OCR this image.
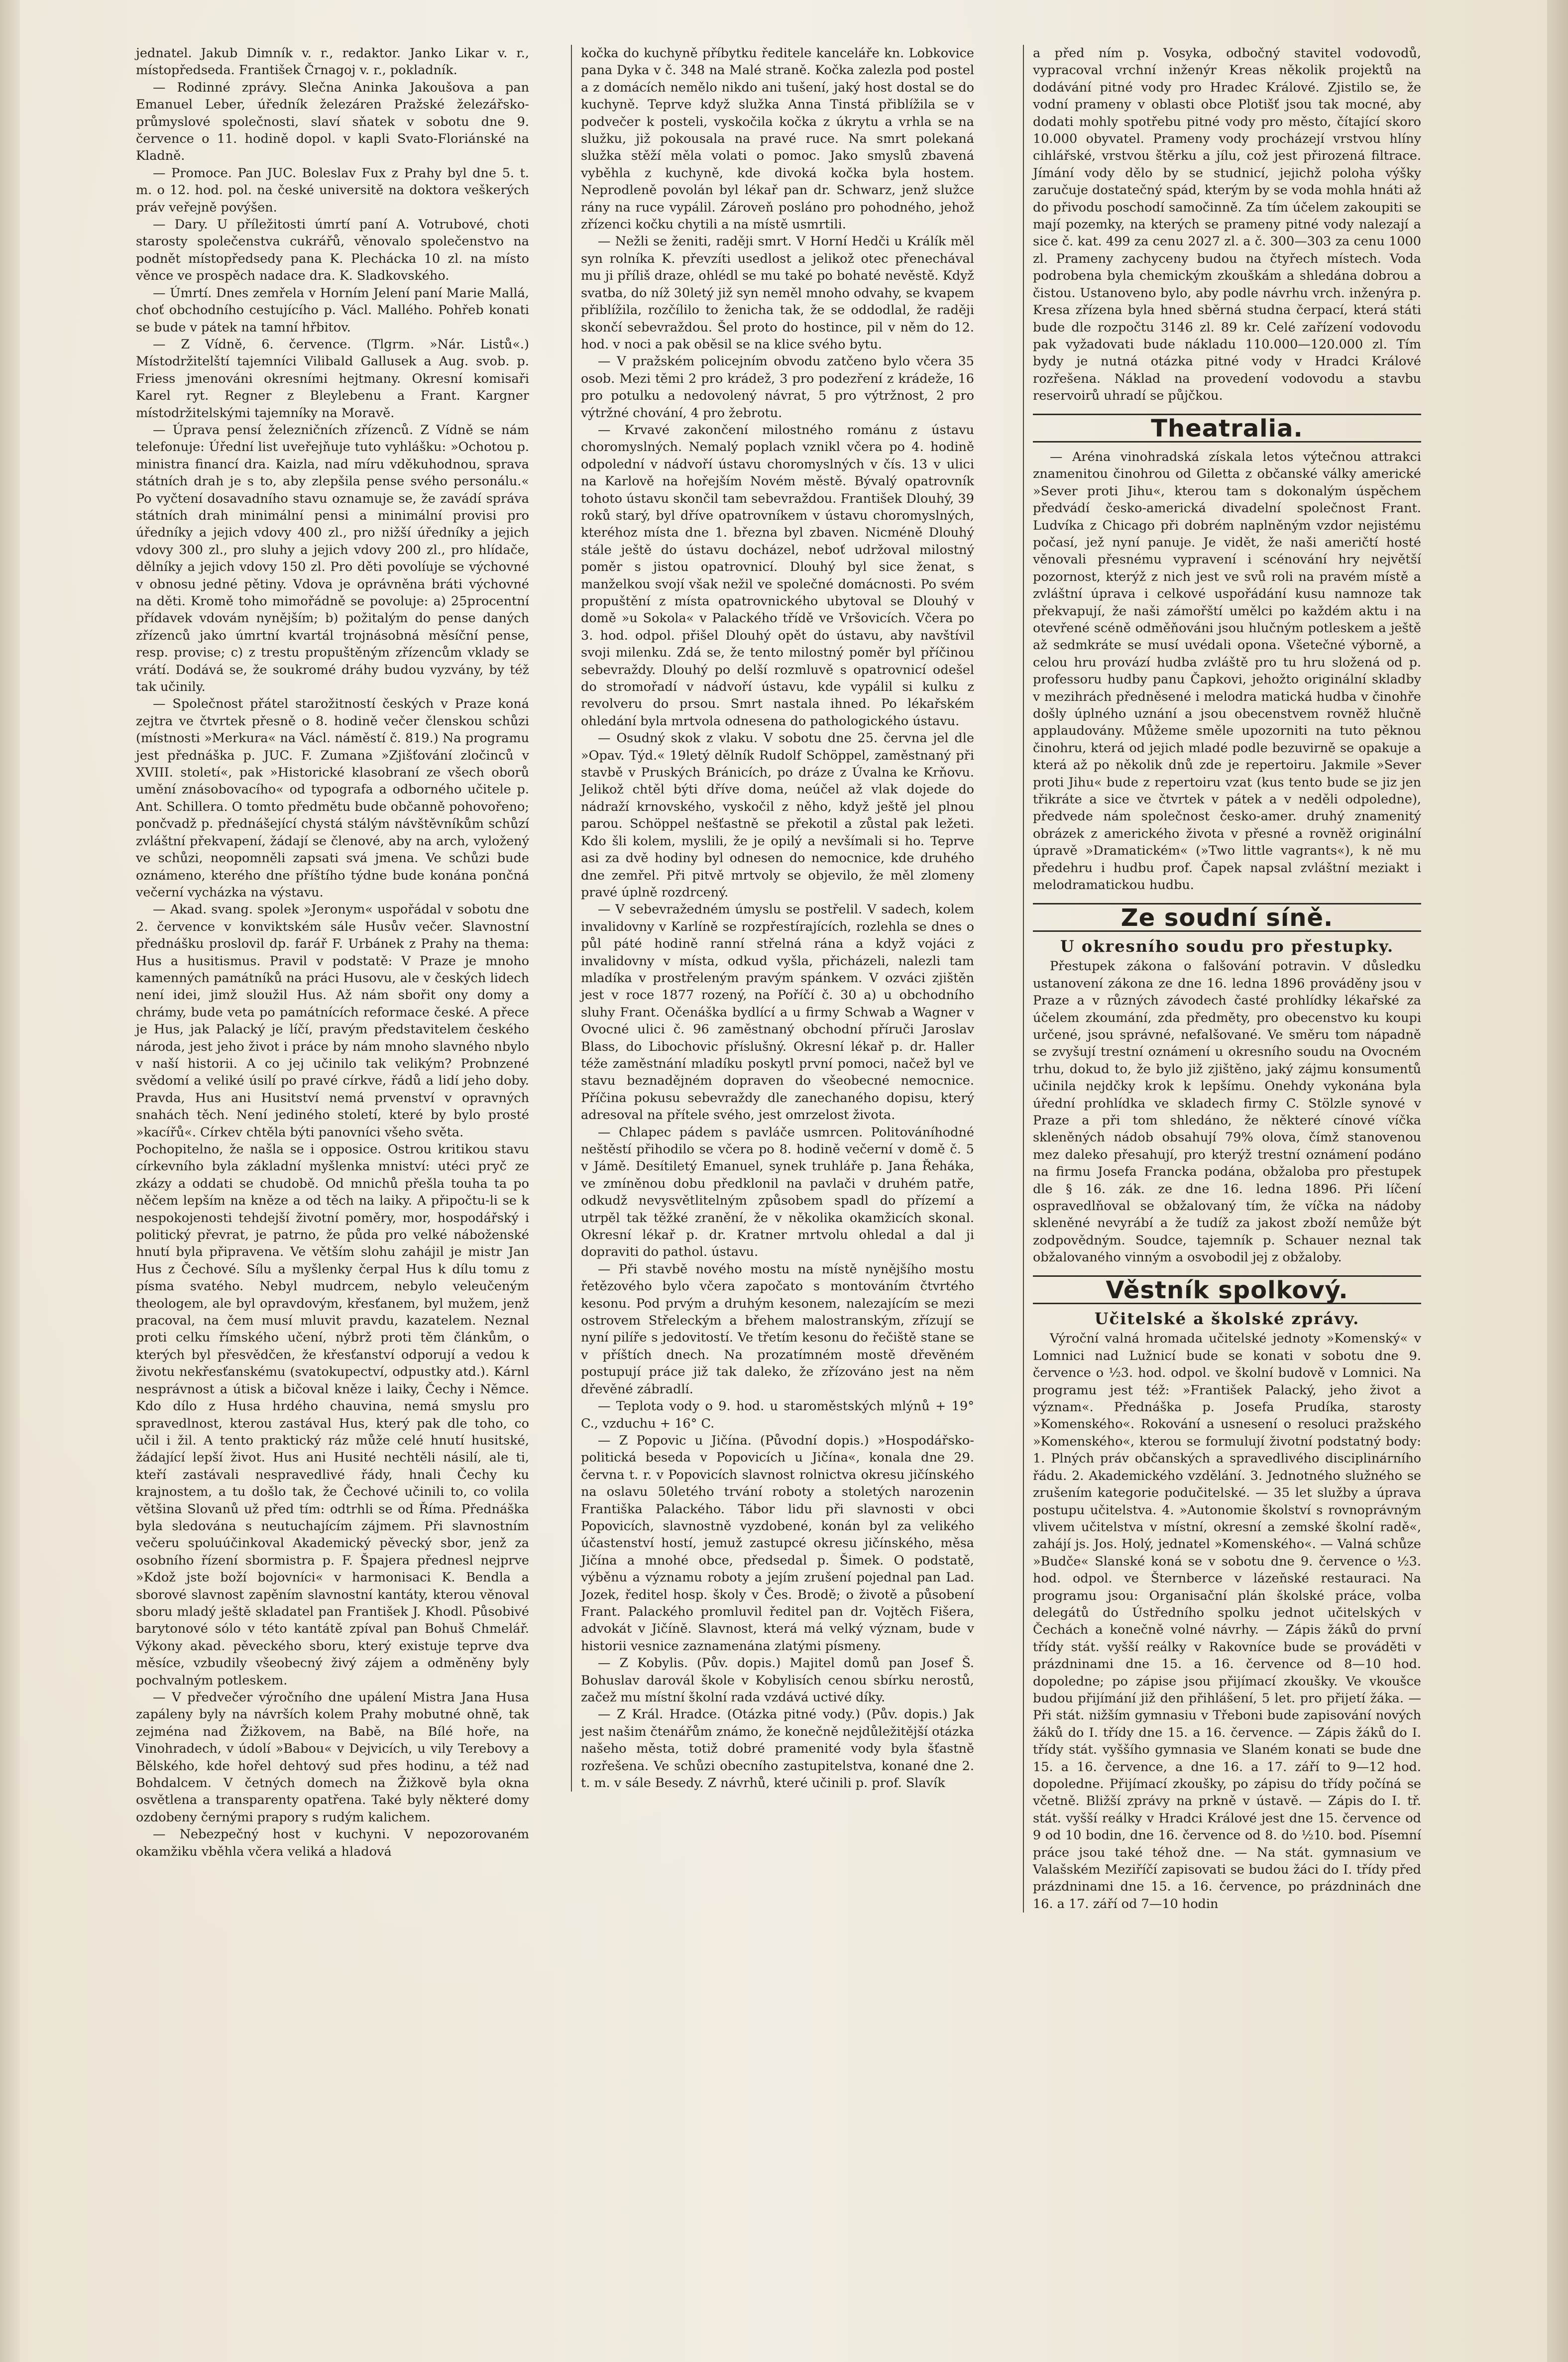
jednatel. Jakub Dimník v. r., redaktor. Janko Likar v. r., místopředseda. František Črnagoj v. r., pokladník.

— Rodinné zprávy. Slečna Aninka Jakoušova a pan Emanuel Leber, úředník železáren Pražské železářsko-průmyslové společnosti, slaví sňatek v sobotu dne 9. července o 11. hodině dopol. v kapli Svato-Floriánské na Kladně.

— Promoce. Pan JUC. Boleslav Fux z Prahy byl dne 5. t. m. o 12. hod. pol. na české universitě na doktora veškerých práv veřejně povýšen.

— Dary. U příležitosti úmrtí paní A. Votrubové, choti starosty společenstva cukrářů, věnovalo společenstvo na podnět místopředsedy pana K. Plechácka 10 zl. na místo věnce ve prospěch nadace dra. K. Sladkovského.

— Úmrtí. Dnes zemřela v Horním Jelení paní Marie Mallá, choť obchodního cestujícího p. Václ. Mallého. Pohřeb konati se bude v pátek na tamní hřbitov.

— Z Vídně, 6. července. (Tlgrm. »Nár. Listů«.) Místodržitelští tajemníci Vilibald Gallusek a Aug. svob. p. Friess jmenováni okresními hejtmany. Okresní komisaři Karel ryt. Regner z Bleylebenu a Frant. Kargner místodržitelskými tajemníky na Moravě.

— Úprava pensí železničních zřízenců. Z Vídně se nám telefonuje: Úřední list uveřejňuje tuto vyhlášku: »Ochotou p. ministra financí dra. Kaizla, nad míru vděkuhodnou, sprava státních drah je s to, aby zlepšila pense svého personálu.« Po vyčtení dosavadního stavu oznamuje se, že zavádí správa státních drah minimální pensi a minimální provisi pro úředníky a jejich vdovy 400 zl., pro nižší úředníky a jejich vdovy 300 zl., pro sluhy a jejich vdovy 200 zl., pro hlídače, dělníky a jejich vdovy 150 zl. Pro děti povolíuje se výchovné v obnosu jedné pětiny. Vdova je oprávněna bráti výchovné na děti. Kromě toho mimořádně se povoluje: a) 25procentní přídavek vdovám nynějším; b) požitalým do pense daných zřízenců jako úmrtní kvartál trojnásobná měsíční pense, resp. provise; c) z trestu propuštěným zřízencům vklady se vrátí. Dodává se, že soukromé dráhy budou vyzvány, by též tak učinily.

— Společnost přátel starožitností českých v Praze koná zejtra ve čtvrtek přesně o 8. hodině večer členskou schůzi (místnosti »Merkura« na Václ. náměstí č. 819.) Na programu jest přednáška p. JUC. F. Zumana »Zjišťování zločinců v XVIII. století«, pak »Historické klasobraní ze všech oborů umění znásobovacího« od typografa a odborného učitele p. Ant. Schillera. O tomto předmětu bude občanně pohovořeno; pončvadž p. přednášející chystá stálým návštěvníkům schůzí zvláštní překvapení, žádají se členové, aby na arch, vyložený ve schůzi, neopomněli zapsati svá jmena. Ve schůzi bude oznámeno, kterého dne příštího týdne bude konána pončná večerní vycházka na výstavu.

— Akad. svang. spolek »Jeronym« uspořádal v sobotu dne 2. července v konviktském sále Husův večer. Slavnostní přednášku proslovil dp. farář F. Urbánek z Prahy na thema: Hus a husitismus. Pravil v podstatě: V Praze je mnoho kamenných památníků na práci Husovu, ale v českých lidech není idei, jimž sloužil Hus. Až nám sbořit ony domy a chrámy, bude veta po památnících reformace české. A přece je Hus, jak Palacký je líčí, pravým představitelem českého národa, jest jeho život i práce by nám mnoho slavného nbylo v naší historii. A co jej učinilo tak velikým? Probnzené svědomí a veliké úsilí po pravé církve, řádů a lidí jeho doby. Pravda, Hus ani Husitství nemá prvenství v opravných snahách těch. Není jediného století, které by bylo prosté »kacířů«. Církev chtěla býti panovníci všeho světa.

Pochopitelno, že našla se i opposice. Ostrou kritikou stavu církevního byla základní myšlenka mniství: utéci pryč ze zkázy a oddati se chudobě. Od mnichů přešla touha ta po něčem lepším na kněze a od těch na laiky. A připočtu-li se k nespokojenosti tehdejší životní poměry, mor, hospodářský i politický převrat, je patrno, že půda pro velké náboženské hnutí byla připravena. Ve větším slohu zahájil je mistr Jan Hus z Čechové. Sílu a myšlenky čerpal Hus k dílu tomu z písma svatého. Nebyl mudrcem, nebylo veleučeným theologem, ale byl opravdovým, křesťanem, byl mužem, jenž pracoval, na čem musí mluvit pravdu, kazatelem. Neznal proti celku římského učení, nýbrž proti těm článkům, o kterých byl přesvědčen, že křesťanství odporují a vedou k životu nekřesťanskému (svatokupectví, odpustky atd.). Kárnl nesprávnost a útisk a bičoval kněze i laiky, Čechy i Němce. Kdo dílo z Husa hrdého chauvina, nemá smyslu pro spravedlnost, kterou zastával Hus, který pak dle toho, co učil i žil. A tento praktický ráz může celé hnutí husitské, žádající lepší život. Hus ani Husité nechtěli násilí, ale ti, kteří zastávali nespravedlivé řády, hnali Čechy ku krajnostem, a tu došlo tak, že Čechové učinili to, co volila většina Slovanů už před tím: odtrhli se od Říma. Přednáška byla sledována s neutuchajícím zájmem. Při slavnostním večeru spoluúčinkoval Akademický pěvecký sbor, jenž za osobního řízení sbormistra p. F. Špajera přednesl nejprve »Kdož jste boží bojovníci« v harmonisaci K. Bendla a sborové slavnost zapěním slavnostní kantáty, kterou věnoval sboru mladý ještě skladatel pan František J. Khodl. Působivé barytonové sólo v této kantátě zpíval pan Bohuš Chmelář. Výkony akad. pěveckého sboru, který existuje teprve dva měsíce, vzbudily všeobecný živý zájem a odměněny byly pochvalným potleskem.

— V předvečer výročního dne upálení Mistra Jana Husa zapáleny byly na návrších kolem Prahy mobutné ohně, tak zejména nad Žižkovem, na Babě, na Bílé hoře, na Vinohradech, v údolí »Babou« v Dejvicích, u vily Terebovy a Bělského, kde hořel dehtový sud přes hodinu, a též nad Bohdalcem. V četných domech na Žižkově byla okna osvětlena a transparenty opatřena. Také byly některé domy ozdobeny černými prapory s rudým kalichem.

— Nebezpečný host v kuchyni. V nepozorovaném okamžiku vběhla včera veliká a hladová

kočka do kuchyně příbytku ředitele kanceláře kn. Lobkovice pana Dyka v č. 348 na Malé straně. Kočka zalezla pod postel a z domácích nemělo nikdo ani tušení, jaký host dostal se do kuchyně. Teprve když služka Anna Tinstá přiblížila se v podvečer k posteli, vyskočila kočka z úkrytu a vrhla se na služku, již pokousala na pravé ruce. Na smrt polekaná služka stěží měla volati o pomoc. Jako smyslů zbavená vyběhla z kuchyně, kde divoká kočka byla hostem. Neprodleně povolán byl lékař pan dr. Schwarz, jenž služce rány na ruce vypálil. Zároveň posláno pro pohodného, jehož zřízenci kočku chytili a na místě usmrtili.

— Nežli se ženiti, raději smrt. V Horní Hedči u Králík měl syn rolníka K. převzíti usedlost a jelikož otec přenechával mu ji příliš draze, ohlédl se mu také po bohaté nevěstě. Když svatba, do níž 30letý již syn neměl mnoho odvahy, se kvapem přiblížila, rozčílilo to ženicha tak, že se oddodlal, že raději skončí sebevraždou. Šel proto do hostince, pil v něm do 12. hod. v noci a pak oběsil se na klice svého bytu.

— V pražském policejním obvodu zatčeno bylo včera 35 osob. Mezi těmi 2 pro krádež, 3 pro podezření z krádeže, 16 pro potulku a nedovolený návrat, 5 pro výtržnost, 2 pro výtržné chování, 4 pro žebrotu.

— Krvavé zakončení milostného románu z ústavu choromyslných. Nemalý poplach vznikl včera po 4. hodině odpolední v nádvoří ústavu choromyslných v čís. 13 v ulici na Karlově na hořejším Novém městě. Bývalý opatrovník tohoto ústavu skončil tam sebevraždou. František Dlouhý, 39 roků starý, byl dříve opatrovníkem v ústavu choromyslných, kteréhoz místa dne 1. března byl zbaven. Nicméně Dlouhý stále ještě do ústavu docházel, neboť udržoval milostný poměr s jistou opatrovnicí. Dlouhý byl sice ženat, s manželkou svojí však nežil ve společné domácnosti. Po svém propuštění z místa opatrovnického ubytoval se Dlouhý v domě »u Sokola« v Palackého třídě ve Vršovicích. Včera po 3. hod. odpol. přišel Dlouhý opět do ústavu, aby navštívil svoji milenku. Zdá se, že tento milostný poměr byl příčinou sebevraždy. Dlouhý po delší rozmluvě s opatrovnicí odešel do stromořadí v nádvoří ústavu, kde vypálil si kulku z revolveru do prsou. Smrt nastala ihned. Po lékařském ohledání byla mrtvola odnesena do pathologického ústavu.

— Osudný skok z vlaku. V sobotu dne 25. června jel dle »Opav. Týd.« 19letý dělník Rudolf Schöppel, zaměstnaný při stavbě v Pruských Bránicích, po dráze z Úvalna ke Krňovu. Jelikož chtěl býti dříve doma, neúčel až vlak dojede do nádraží krnovského, vyskočil z něho, když ještě jel plnou parou. Schöppel nešťastně se překotil a zůstal pak ležeti. Kdo šli kolem, myslili, že je opilý a nevšímali si ho. Teprve asi za dvě hodiny byl odnesen do nemocnice, kde druhého dne zemřel. Při pitvě mrtvoly se objevilo, že měl zlomeny pravé úplně rozdrcený.

— V sebevražedném úmyslu se postřelil. V sadech, kolem invalidovny v Karlíně se rozpřestírajících, rozlehla se dnes o půl páté hodině ranní střelná rána a když vojáci z invalidovny v místa, odkud vyšla, přicházeli, nalezli tam mladíka v prostřeleným pravým spánkem. V ozváci zjištěn jest v roce 1877 rozený, na Poříčí č. 30 a) u obchodního sluhy Frant. Očenáška bydlící a u firmy Schwab a Wagner v Ovocné ulici č. 96 zaměstnaný obchodní příruči Jaroslav Blass, do Libochovic příslušný. Okresní lékař p. dr. Haller téže zaměstnání mladíku poskytl první pomoci, načež byl ve stavu beznadějném dopraven do všeobecné nemocnice. Příčina pokusu sebevraždy dle zanechaného dopisu, který adresoval na přítele svého, jest omrzelost života.

— Chlapec pádem s pavláče usmrcen. Politováníhodné neštěstí přihodilo se včera po 8. hodině večerní v domě č. 5 v Jámě. Desítiletý Emanuel, synek truhláře p. Jana Řeháka, ve zmíněnou dobu předklonil na pavlači v druhém patře, odkudž nevysvětlitelným způsobem spadl do přízemí a utrpěl tak těžké zranění, že v několika okamžicích skonal. Okresní lékař p. dr. Kratner mrtvolu ohledal a dal ji dopraviti do pathol. ústavu.

— Při stavbě nového mostu na místě nynějšího mostu řetězového bylo včera započato s montováním čtvrtého kesonu. Pod prvým a druhým kesonem, nalezajícím se mezi ostrovem Střeleckým a břehem malostranským, zřízují se nyní pilíře s jedovitostí. Ve třetím kesonu do řečiště stane se v příštích dnech. Na prozatímném mostě dřevěném postupují práce již tak daleko, že zřízováno jest na něm dřevěné zábradlí.

— Teplota vody o 9. hod. u staroměstských mlýnů + 19° C., vzduchu + 16° C.

— Z Popovic u Jičína. (Původní dopis.) »Hospodářsko-politická beseda v Popovicích u Jičína«, konala dne 29. června t. r. v Popovicích slavnost rolnictva okresu jičínského na oslavu 50letého trvání roboty a stoletých narozenin Františka Palackého. Tábor lidu při slavnosti v obci Popovicích, slavnostně vyzdobené, konán byl za velikého účastenství hostí, jemuž zastupcé okresu jičínského, měsa Jičína a mnohé obce, předsedal p. Šimek. O podstatě, výběnu a významu roboty a jejím zrušení pojednal pan Lad. Jozek, ředitel hosp. školy v Čes. Brodě; o životě a působení Frant. Palackého promluvil ředitel pan dr. Vojtěch Fišera, advokát v Jičíně. Slavnost, která má velký význam, bude v historii vesnice zaznamenána zlatými písmeny.

— Z Kobylis. (Pův. dopis.) Majitel domů pan Josef Š. Bohuslav darovál škole v Kobylisích cenou sbírku nerostů, začež mu místní školní rada vzdává uctivé díky.

— Z Král. Hradce. (Otázka pitné vody.) (Pův. dopis.) Jak jest našim čtenářům známo, že konečně nejdůležitější otázka našeho města, totiž dobré pramenité vody byla šťastně rozřešena. Ve schůzi obecního zastupitelstva, konané dne 2. t. m. v sále Besedy. Z návrhů, které učinili p. prof. Slavík

a před ním p. Vosyka, odbočný stavitel vodovodů, vypracoval vrchní inženýr Kreas několik projektů na dodávání pitné vody pro Hradec Králové. Zjistilo se, že vodní prameny v oblasti obce Plotišť jsou tak mocné, aby dodati mohly spotřebu pitné vody pro město, čítající skoro 10.000 obyvatel. Prameny vody procházejí vrstvou hlíny cihlářské, vrstvou štěrku a jílu, což jest přirozená filtrace. Jímání vody dělo by se studnicí, jejichž poloha výšky zaručuje dostatečný spád, kterým by se voda mohla hnáti až do přivodu poschodí samočinně. Za tím účelem zakoupiti se mají pozemky, na kterých se prameny pitné vody nalezají a sice č. kat. 499 za cenu 2027 zl. a č. 300—303 za cenu 1000 zl. Prameny zachyceny budou na čtyřech místech. Voda podrobena byla chemickým zkouškám a shledána dobrou a čistou. Ustanoveno bylo, aby podle návrhu vrch. inženýra p. Kresa zřízena byla hned sběrná studna čerpací, která státi bude dle rozpočtu 3146 zl. 89 kr. Celé zařízení vodovodu pak vyžadovati bude nákladu 110.000—120.000 zl. Tím bydy je nutná otázka pitné vody v Hradci Králové rozřešena. Náklad na provedení vodovodu a stavbu reservoirů uhradí se půjčkou.

Theatralia.

— Aréna vinohradská získala letos výtečnou attrakci znamenitou činohrou od Giletta z občanské války americké »Sever proti Jihu«, kterou tam s dokonalým úspěchem předvádí česko-americká divadelní společnost Frant. Ludvíka z Chicago při dobrém naplněným vzdor nejistému počasí, jež nyní panuje. Je vidět, že naši američtí hosté věnovali přesnému vypravení i scénování hry největší pozornost, kterýž z nich jest ve svů roli na pravém místě a zvláštní úprava i celkové uspořádání kusu namnoze tak překvapují, že naši zámořští umělci po každém aktu i na otevřené scéně odměňováni jsou hlučným potleskem a ještě až sedmkráte se musí uvédali opona. Všetečné výborně, a celou hru provází hudba zvláště pro tu hru složená od p. professoru hudby panu Čapkovi, jehožto originální skladby v mezihrách předněsené i melodra matická hudba v činohře došly úplného uznání a jsou obecenstvem rovněž hlučně applaudovány. Můžeme směle upozorniti na tuto pěknou činohru, která od jejich mladé podle bezuvirně se opakuje a která až po několik dnů zde je repertoiru. Jakmile »Sever proti Jihu« bude z repertoiru vzat (kus tento bude se jiz jen třikráte a sice ve čtvrtek v pátek a v neděli odpoledne), předvede nám společnost česko-amer. druhý znamenitý obrázek z amerického života v přesné a rovněž originální úpravě »Dramatickém« (»Two little vagrants«), k ně mu předehru i hudbu prof. Čapek napsal zvláštní meziakt i melodramatickou hudbu.

Ze soudní síně.
U okresního soudu pro přestupky.

Přestupek zákona o falšování potravin. V důsledku ustanovení zákona ze dne 16. ledna 1896 prováděny jsou v Praze a v různých závodech časté prohlídky lékařské za účelem zkoumání, zda předměty, pro obecenstvo ku koupi určené, jsou správné, nefalšované. Ve směru tom nápadně se zvyšují trestní oznámení u okresního soudu na Ovocném trhu, dokud to, že bylo již zjištěno, jaký zájmu konsumentů učinila nejdčky krok k lepšímu. Onehdy vykonána byla úřední prohlídka ve skladech firmy C. Stölzle synové v Praze a při tom shledáno, že některé cínové víčka skleněných nádob obsahují 79% olova, čímž stanovenou mez daleko přesahují, pro kterýž trestní oznámení podáno na firmu Josefa Francka podána, obžaloba pro přestupek dle § 16. zák. ze dne 16. ledna 1896. Při líčení ospravedlňoval se obžalovaný tím, že víčka na nádoby skleněné nevyrábí a že tudíž za jakost zboží nemůže být zodpovědným. Soudce, tajemník p. Schauer neznal tak obžalovaného vinným a osvobodil jej z obžaloby.

Věstník spolkový.
Učitelské a školské zprávy.

Výroční valná hromada učitelské jednoty »Komenský« v Lomnici nad Lužnicí bude se konati v sobotu dne 9. července o ½3. hod. odpol. ve školní budově v Lomnici. Na programu jest též: »František Palacký, jeho život a význam«. Přednáška p. Josefa Prudíka, starosty »Komenského«. Rokování a usnesení o resoluci pražského »Komenského«, kterou se formulují životní podstatný body: 1. Plných práv občanských a spravedlivého disciplinárního řádu. 2. Akademického vzdělání. 3. Jednotného služného se zrušením kategorie podučitelské. — 35 let služby a úprava postupu učitelstva. 4. »Autonomie školství s rovnoprávným vlivem učitelstva v místní, okresní a zemské školní radě«, zahájí js. Jos. Holý, jednatel »Komenského«. — Valná schůze »Budče« Slanské koná se v sobotu dne 9. července o ½3. hod. odpol. ve Šternberce v lázeňské restauraci. Na programu jsou: Organisační plán školské práce, volba delegátů do Ústředního spolku jednot učitelských v Čechách a konečně volné návrhy. — Zápis žáků do první třídy stát. vyšší reálky v Rakovníce bude se prováděti v prázdninami dne 15. a 16. července od 8—10 hod. dopoledne; po zápise jsou přijímací zkoušky. Ve vkoušce budou přijímání již den přihlášení, 5 let. pro přijetí žáka. — Při stát. nižším gymnasiu v Třeboni bude zapisování nových žáků do I. třídy dne 15. a 16. července. — Zápis žáků do I. třídy stát. vyššího gymnasia ve Slaném konati se bude dne 15. a 16. července, a dne 16. a 17. září to 9—12 hod. dopoledne. Přijímací zkoušky, po zápisu do třídy počíná se včetně. Bližší zprávy na prkně v ústavě. — Zápis do I. tř. stát. vyšší reálky v Hradci Králové jest dne 15. července od 9 od 10 bodin, dne 16. července od 8. do ½10. bod. Písemní práce jsou také téhož dne. — Na stát. gymnasium ve Valašském Meziříčí zapisovati se budou žáci do I. třídy před prázdninami dne 15. a 16. července, po prázdninách dne 16. a 17. září od 7—10 hodin
